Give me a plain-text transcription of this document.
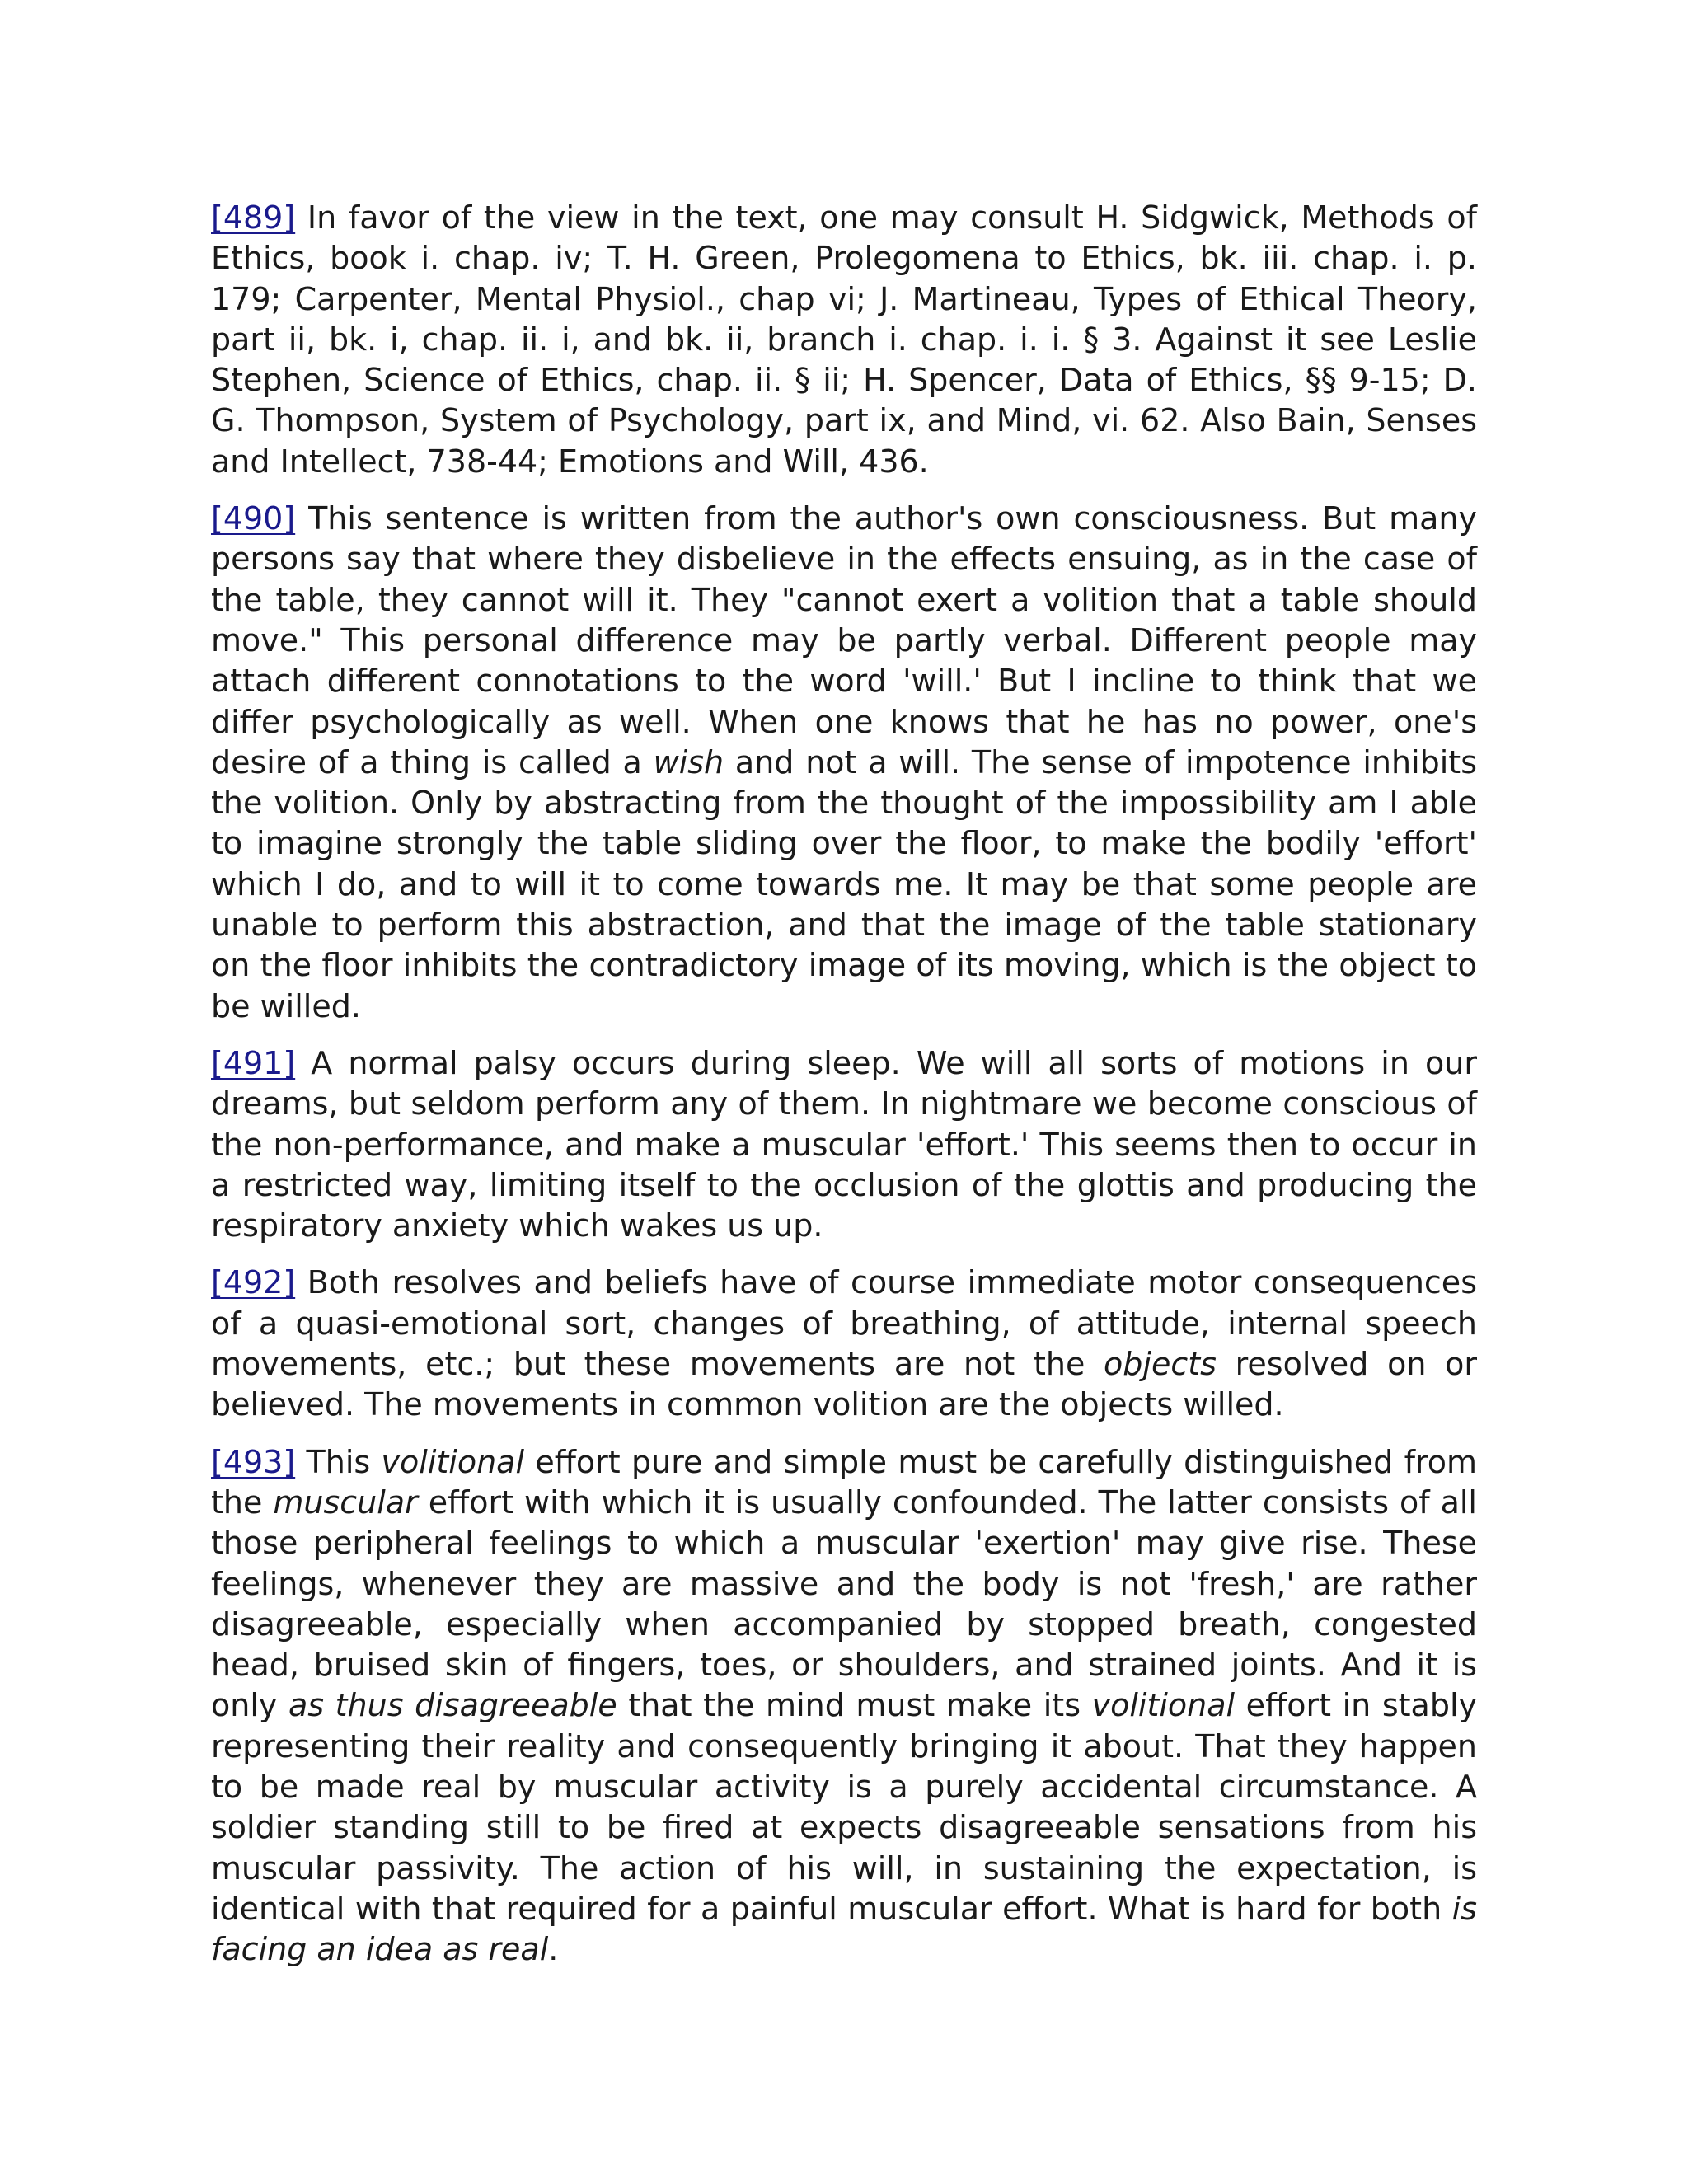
[489] In favor of the view in the text, one may consult H. Sidgwick, Methods of Ethics, book i. chap. iv; T. H. Green, Prolegomena to Ethics, bk. iii. chap. i. p. 179; Carpenter, Mental Physiol., chap vi; J. Martineau, Types of Ethical Theory, part ii, bk. i, chap. ii. i, and bk. ii, branch i. chap. i. i. § 3. Against it see Leslie Stephen, Science of Ethics, chap. ii. § ii; H. Spencer, Data of Ethics, §§ 9-15; D. G. Thompson, System of Psychology, part ix, and Mind, vi. 62. Also Bain, Senses and Intellect, 738-44; Emotions and Will, 436.

[490] This sentence is written from the author's own consciousness. But many persons say that where they disbelieve in the effects ensuing, as in the case of the table, they cannot will it. They "cannot exert a volition that a table should move." This personal difference may be partly verbal. Different people may attach different connotations to the word 'will.' But I incline to think that we differ psychologically as well. When one knows that he has no power, one's desire of a thing is called a wish and not a will. The sense of impotence inhibits the volition. Only by abstracting from the thought of the impossibility am I able to imagine strongly the table sliding over the floor, to make the bodily 'effort' which I do, and to will it to come towards me. It may be that some people are unable to perform this abstraction, and that the image of the table stationary on the floor inhibits the contradictory image of its moving, which is the object to be willed.

[491] A normal palsy occurs during sleep. We will all sorts of motions in our dreams, but seldom perform any of them. In nightmare we become conscious of the non-performance, and make a muscular 'effort.' This seems then to occur in a restricted way, limiting itself to the occlusion of the glottis and producing the respiratory anxiety which wakes us up.

[492] Both resolves and beliefs have of course immediate motor consequences of a quasi-emotional sort, changes of breathing, of attitude, internal speech movements, etc.; but these movements are not the objects resolved on or believed. The movements in common volition are the objects willed.

[493] This volitional effort pure and simple must be carefully distinguished from the muscular effort with which it is usually confounded. The latter consists of all those peripheral feelings to which a muscular 'exertion' may give rise. These feelings, whenever they are massive and the body is not 'fresh,' are rather disagreeable, especially when accompanied by stopped breath, congested head, bruised skin of fingers, toes, or shoulders, and strained joints. And it is only as thus disagreeable that the mind must make its volitional effort in stably representing their reality and consequently bringing it about. That they happen to be made real by muscular activity is a purely accidental circumstance. A soldier standing still to be fired at expects disagreeable sensations from his muscular passivity. The action of his will, in sustaining the expectation, is identical with that required for a painful muscular effort. What is hard for both is facing an idea as real.
